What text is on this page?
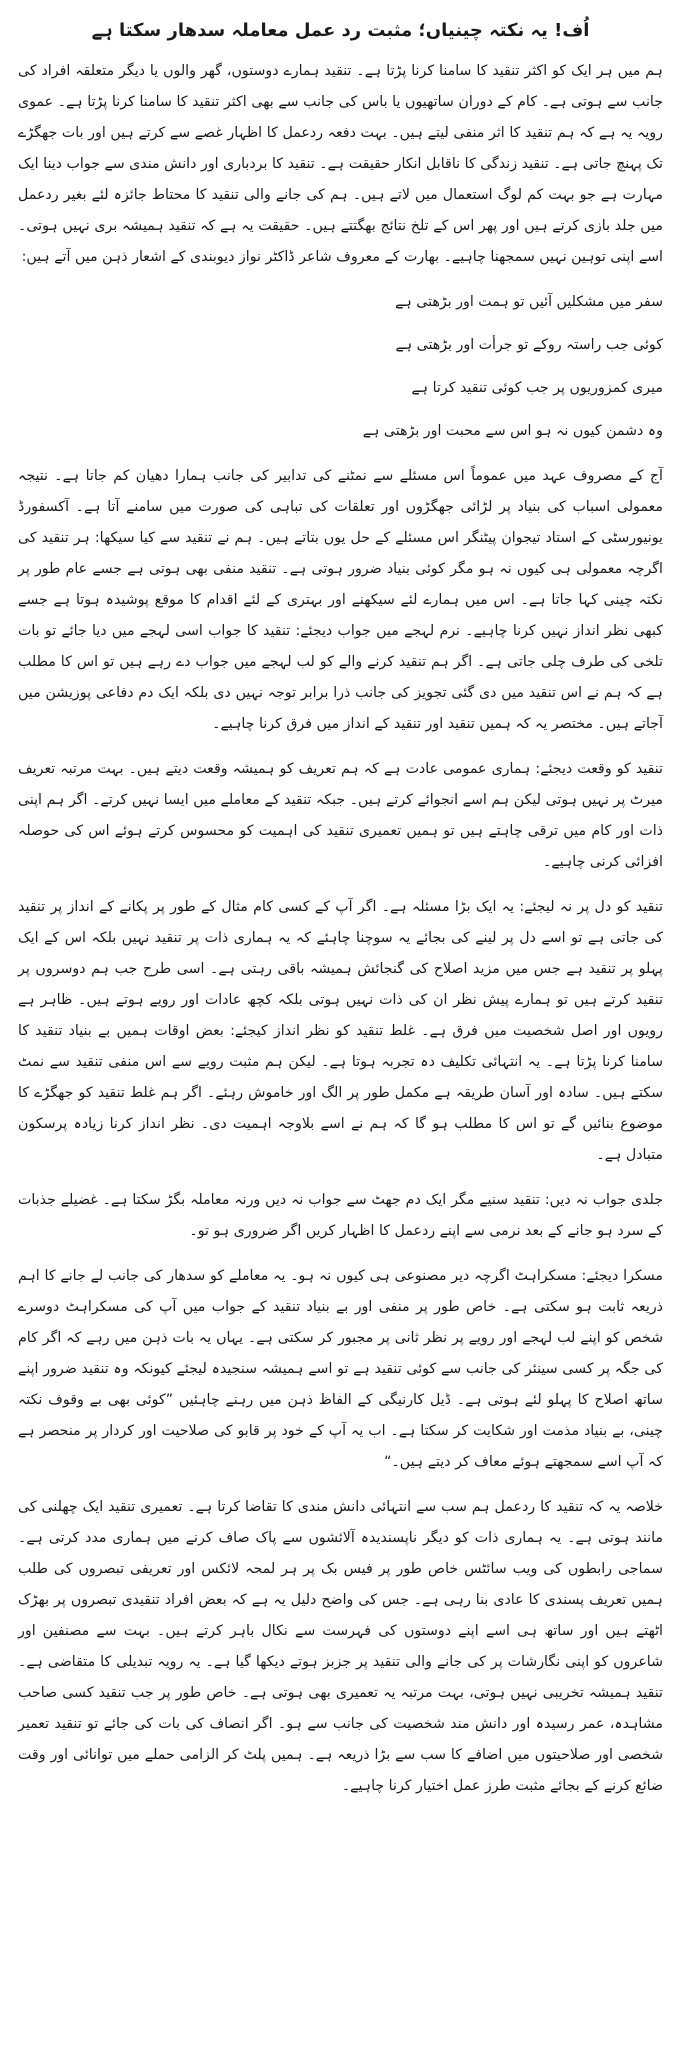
اُف! یہ نکتہ چینیاں؛ مثبت رد عمل معاملہ سدھار سکتا ہے

ہم میں ہر ایک کو اکثر تنقید کا سامنا کرنا پڑتا ہے۔ تنقید ہمارے دوستوں، گھر والوں یا دیگر متعلقہ افراد کی جانب سے ہوتی ہے۔ کام کے دوران ساتھیوں یا باس کی جانب سے بھی اکثر تنقید کا سامنا کرنا پڑتا ہے۔ عموی رویہ یہ ہے کہ ہم تنقید کا اثر منفی لیتے ہیں۔ بہت دفعہ ردعمل کا اظہار غصے سے کرتے ہیں اور بات جھگڑے تک پہنچ جاتی ہے۔ تنقید زندگی کا ناقابل انکار حقیقت ہے۔ تنقید کا بردباری اور دانش مندی سے جواب دینا ایک مہارت ہے جو بہت کم لوگ استعمال میں لاتے ہیں۔ ہم کی جانے والی تنقید کا محتاط جائزہ لئے بغیر ردعمل میں جلد بازی کرتے ہیں اور پھر اس کے تلخ نتائج بھگتتے ہیں۔ حقیقت یہ ہے کہ تنقید ہمیشہ بری نہیں ہوتی۔ اسے اپنی توہین نہیں سمجھنا چاہیے۔ بھارت کے معروف شاعر ڈاکٹر نواز دیوبندی کے اشعار ذہن میں آتے ہیں:

سفر میں مشکلیں آئیں تو ہمت اور بڑھتی ہے
کوئی جب راستہ روکے تو جرأت اور بڑھتی ہے
میری کمزوریوں پر جب کوئی تنقید کرتا ہے
وہ دشمن کیوں نہ ہو اس سے محبت اور بڑھتی ہے

آج کے مصروف عہد میں عموماً اس مسئلے سے نمٹنے کی تدابیر کی جانب ہمارا دھیان کم جاتا ہے۔ نتیجہ معمولی اسباب کی بنیاد پر لڑائی جھگڑوں اور تعلقات کی تباہی کی صورت میں سامنے آتا ہے۔ آکسفورڈ یونیورسٹی کے استاد تیجوان پیٹنگر اس مسئلے کے حل یوں بتاتے ہیں۔ ہم نے تنقید سے کیا سیکھا: ہر تنقید کی اگرچہ معمولی ہی کیوں نہ ہو مگر کوئی بنیاد ضرور ہوتی ہے۔ تنقید منفی بھی ہوتی ہے جسے عام طور پر نکتہ چینی کہا جاتا ہے۔ اس میں ہمارے لئے سیکھنے اور بہتری کے لئے اقدام کا موقع پوشیدہ ہوتا ہے جسے کبھی نظر انداز نہیں کرنا چاہیے۔ نرم لہجے میں جواب دیجئے: تنقید کا جواب اسی لہجے میں دیا جائے تو بات تلخی کی طرف چلی جاتی ہے۔ اگر ہم تنقید کرنے والے کو لب لہجے میں جواب دے رہے ہیں تو اس کا مطلب ہے کہ ہم نے اس تنقید میں دی گئی تجویز کی جانب ذرا برابر توجہ نہیں دی بلکہ ایک دم دفاعی پوزیشن میں آجاتے ہیں۔ مختصر یہ کہ ہمیں تنقید اور تنقید کے انداز میں فرق کرنا چاہیے۔

تنقید کو وقعت دیجئے: ہماری عمومی عادت ہے کہ ہم تعریف کو ہمیشہ وقعت دیتے ہیں۔ بہت مرتبہ تعریف میرٹ پر نہیں ہوتی لیکن ہم اسے انجوائے کرتے ہیں۔ جبکہ تنقید کے معاملے میں ایسا نہیں کرتے۔ اگر ہم اپنی ذات اور کام میں ترقی چاہتے ہیں تو ہمیں تعمیری تنقید کی اہمیت کو محسوس کرتے ہوئے اس کی حوصلہ افزائی کرنی چاہیے۔

تنقید کو دل پر نہ لیجئے: یہ ایک بڑا مسئلہ ہے۔ اگر آپ کے کسی کام مثال کے طور پر پکانے کے انداز پر تنقید کی جاتی ہے تو اسے دل پر لینے کی بجائے یہ سوچنا چاہئے کہ یہ ہماری ذات پر تنقید نہیں بلکہ اس کے ایک پہلو پر تنقید ہے جس میں مزید اصلاح کی گنجائش ہمیشہ باقی رہتی ہے۔ اسی طرح جب ہم دوسروں پر تنقید کرتے ہیں تو ہمارے پیش نظر ان کی ذات نہیں ہوتی بلکہ کچھ عادات اور رویے ہوتے ہیں۔ ظاہر ہے رویوں اور اصل شخصیت میں فرق ہے۔ غلط تنقید کو نظر انداز کیجئے: بعض اوقات ہمیں بے بنیاد تنقید کا سامنا کرنا پڑتا ہے۔ یہ انتہائی تکلیف دہ تجربہ ہوتا ہے۔ لیکن ہم مثبت رویے سے اس منفی تنقید سے نمٹ سکتے ہیں۔ سادہ اور آسان طریقہ ہے مکمل طور پر الگ اور خاموش رہئے۔ اگر ہم غلط تنقید کو جھگڑے کا موضوع بنائیں گے تو اس کا مطلب ہو گا کہ ہم نے اسے بلاوجہ اہمیت دی۔ نظر انداز کرنا زیادہ پرسکون متبادل ہے۔

جلدی جواب نہ دیں: تنقید سنیے مگر ایک دم جھٹ سے جواب نہ دیں ورنہ معاملہ بگڑ سکتا ہے۔ غضیلے جذبات کے سرد ہو جانے کے بعد نرمی سے اپنے ردعمل کا اظہار کریں اگر ضروری ہو تو۔

مسکرا دیجئے: مسکراہٹ اگرچہ دیر مصنوعی ہی کیوں نہ ہو۔ یہ معاملے کو سدھار کی جانب لے جانے کا اہم ذریعہ ثابت ہو سکتی ہے۔ خاص طور پر منفی اور بے بنیاد تنقید کے جواب میں آپ کی مسکراہٹ دوسرے شخص کو اپنے لب لہجے اور رویے پر نظر ثانی پر مجبور کر سکتی ہے۔ یہاں یہ بات ذہن میں رہے کہ اگر کام کی جگہ پر کسی سینئر کی جانب سے کوئی تنقید ہے تو اسے ہمیشہ سنجیدہ لیجئے کیونکہ وہ تنقید ضرور اپنے ساتھ اصلاح کا پہلو لئے ہوتی ہے۔ ڈیل کارنیگی کے الفاظ ذہن میں رہنے چاہئیں ”کوئی بھی بے وقوف نکتہ چینی، بے بنیاد مذمت اور شکایت کر سکتا ہے۔ اب یہ آپ کے خود پر قابو کی صلاحیت اور کردار پر منحصر ہے کہ آپ اسے سمجھتے ہوئے معاف کر دیتے ہیں۔“

خلاصہ یہ کہ تنقید کا ردعمل ہم سب سے انتہائی دانش مندی کا تقاضا کرتا ہے۔ تعمیری تنقید ایک چھلنی کی مانند ہوتی ہے۔ یہ ہماری ذات کو دیگر ناپسندیدہ آلائشوں سے پاک صاف کرنے میں ہماری مدد کرتی ہے۔ سماجی رابطوں کی ویب سائٹس خاص طور پر فیس بک پر ہر لمحہ لائکس اور تعریفی تبصروں کی طلب ہمیں تعریف پسندی کا عادی بنا رہی ہے۔ جس کی واضح دلیل یہ ہے کہ بعض افراد تنقیدی تبصروں پر بھڑک اٹھتے ہیں اور ساتھ ہی اسے اپنے دوستوں کی فہرست سے نکال باہر کرتے ہیں۔ بہت سے مصنفین اور شاعروں کو اپنی نگارشات پر کی جانے والی تنقید پر جزبز ہوتے دیکھا گیا ہے۔ یہ رویہ تبدیلی کا متقاضی ہے۔ تنقید ہمیشہ تخریبی نہیں ہوتی، بہت مرتبہ یہ تعمیری بھی ہوتی ہے۔ خاص طور پر جب تنقید کسی صاحب مشاہدہ، عمر رسیدہ اور دانش مند شخصیت کی جانب سے ہو۔ اگر انصاف کی بات کی جائے تو تنقید تعمیر شخصی اور صلاحیتوں میں اضافے کا سب سے بڑا ذریعہ ہے۔ ہمیں پلٹ کر الزامی حملے میں توانائی اور وقت ضائع کرنے کے بجائے مثبت طرز عمل اختیار کرنا چاہیے۔
